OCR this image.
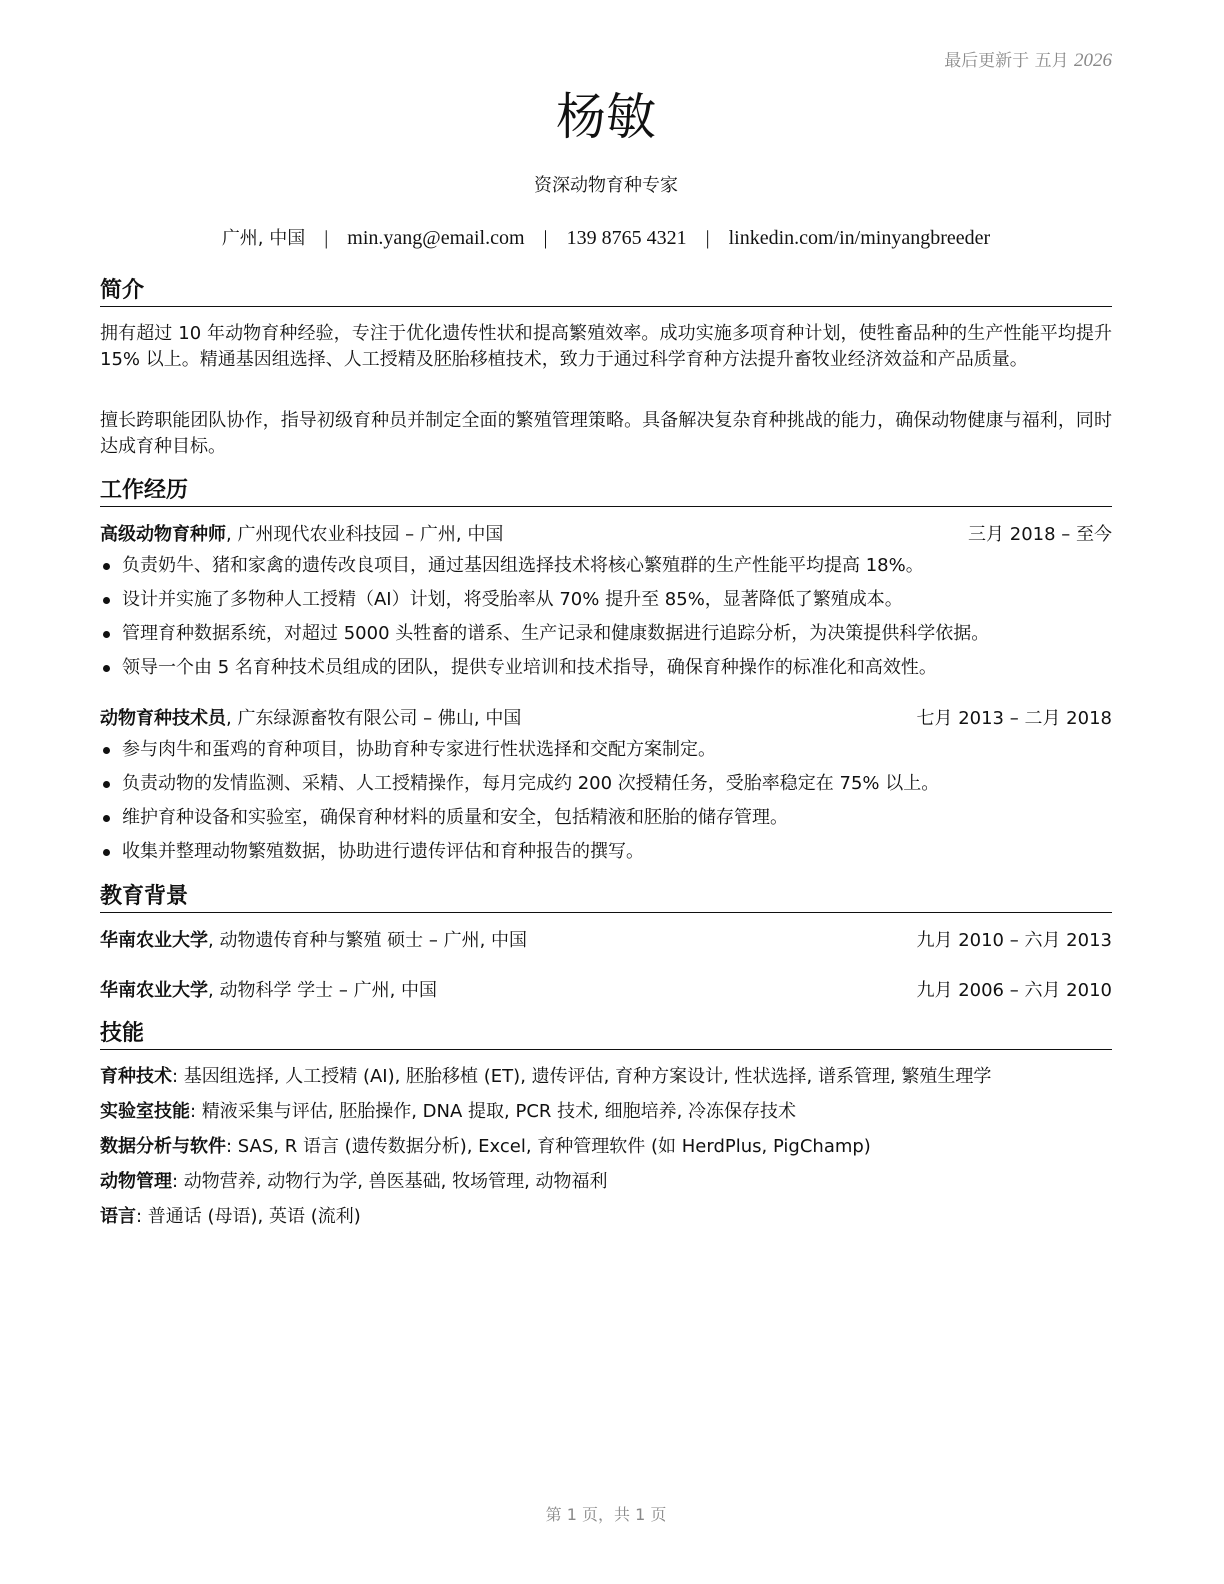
最后更新于 五月 2026
杨敏
资深动物育种专家
广州, 中国 | min.yang@email.com | 139 8765 4321 | linkedin.com/in/minyangbreeder
简介
拥有超过 10 年动物育种经验，专注于优化遗传性状和提高繁殖效率。成功实施多项育种计划，使牲畜品种的生产性能平均提升 15% 以上。精通基因组选择、人工授精及胚胎移植技术，致力于通过科学育种方法提升畜牧业经济效益和产品质量。
擅长跨职能团队协作，指导初级育种员并制定全面的繁殖管理策略。具备解决复杂育种挑战的能力，确保动物健康与福利，同时达成育种目标。
工作经历
高级动物育种师, 广州现代农业科技园 – 广州, 中国	三月 2018 – 至今
负责奶牛、猪和家禽的遗传改良项目，通过基因组选择技术将核心繁殖群的生产性能平均提高 18%。
设计并实施了多物种人工授精（AI）计划，将受胎率从 70% 提升至 85%，显著降低了繁殖成本。
管理育种数据系统，对超过 5000 头牲畜的谱系、生产记录和健康数据进行追踪分析，为决策提供科学依据。
领导一个由 5 名育种技术员组成的团队，提供专业培训和技术指导，确保育种操作的标准化和高效性。
动物育种技术员, 广东绿源畜牧有限公司 – 佛山, 中国	七月 2013 – 二月 2018
参与肉牛和蛋鸡的育种项目，协助育种专家进行性状选择和交配方案制定。
负责动物的发情监测、采精、人工授精操作，每月完成约 200 次授精任务，受胎率稳定在 75% 以上。
维护育种设备和实验室，确保育种材料的质量和安全，包括精液和胚胎的储存管理。
收集并整理动物繁殖数据，协助进行遗传评估和育种报告的撰写。
教育背景
华南农业大学, 动物遗传育种与繁殖 硕士 – 广州, 中国	九月 2010 – 六月 2013
华南农业大学, 动物科学 学士 – 广州, 中国	九月 2006 – 六月 2010
技能
育种技术: 基因组选择, 人工授精 (AI), 胚胎移植 (ET), 遗传评估, 育种方案设计, 性状选择, 谱系管理, 繁殖生理学
实验室技能: 精液采集与评估, 胚胎操作, DNA 提取, PCR 技术, 细胞培养, 冷冻保存技术
数据分析与软件: SAS, R 语言 (遗传数据分析), Excel, 育种管理软件 (如 HerdPlus, PigChamp)
动物管理: 动物营养, 动物行为学, 兽医基础, 牧场管理, 动物福利
语言: 普通话 (母语), 英语 (流利)
第 1 页，共 1 页
